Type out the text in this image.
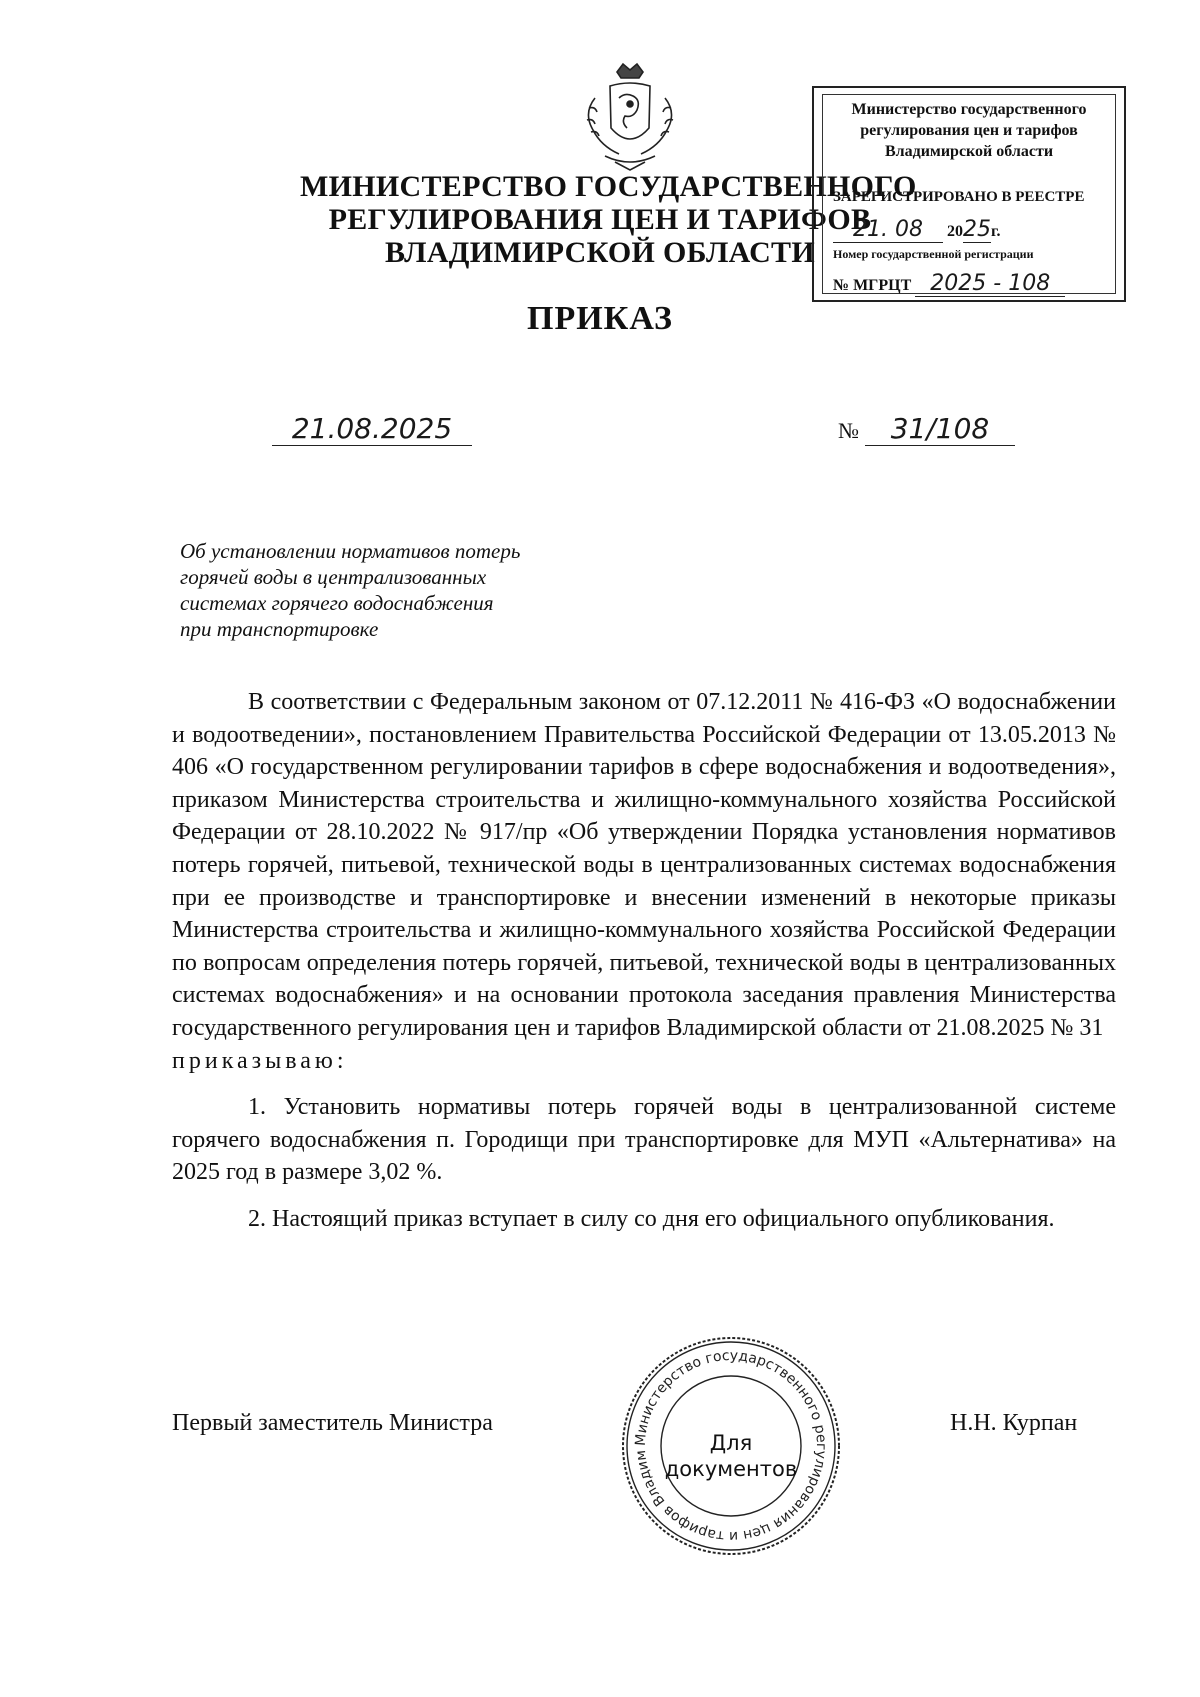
МИНИСТЕРСТВО ГОСУДАРСТВЕННОГО
РЕГУЛИРОВАНИЯ ЦЕН И ТАРИФОВ
ВЛАДИМИРСКОЙ ОБЛАСТИ
ПРИКАЗ
Министерство государственного
регулирования цен и тарифов
Владимирской области
ЗАРЕГИСТРИРОВАНО В РЕЕСТРЕ
21. 08 2025г.
Номер государственной регистрации
№ МГРЦТ 2025 - 108
21.08.2025	№ 31/108
Об установлении нормативов потерь
горячей воды в централизованных
системах горячего водоснабжения
при транспортировке

В соответствии с Федеральным законом от 07.12.2011 № 416-ФЗ «О водоснабжении и водоотведении», постановлением Правительства Российской Федерации от 13.05.2013 № 406 «О государственном регулировании тарифов в сфере водоснабжения и водоотведения», приказом Министерства строительства и жилищно-коммунального хозяйства Российской Федерации от 28.10.2022 № 917/пр «Об утверждении Порядка установления нормативов потерь горячей, питьевой, технической воды в централизованных системах водоснабжения при ее производстве и транспортировке и внесении изменений в некоторые приказы Министерства строительства и жилищно-коммунального хозяйства Российской Федерации по вопросам определения потерь горячей, питьевой, технической воды в централизованных системах водоснабжения» и на основании протокола заседания правления Министерства государственного регулирования цен и тарифов Владимирской области от 21.08.2025 № 31

приказываю:

1. Установить нормативы потерь горячей воды в централизованной системе горячего водоснабжения п. Городищи при транспортировке для МУП «Альтернатива» на 2025 год в размере 3,02 %.

2. Настоящий приказ вступает в силу со дня его официального опубликования.

Первый заместитель Министра	Н.Н. Курпан
Министерство государственного регулирования цен и тарифов Владим
Для
документов
